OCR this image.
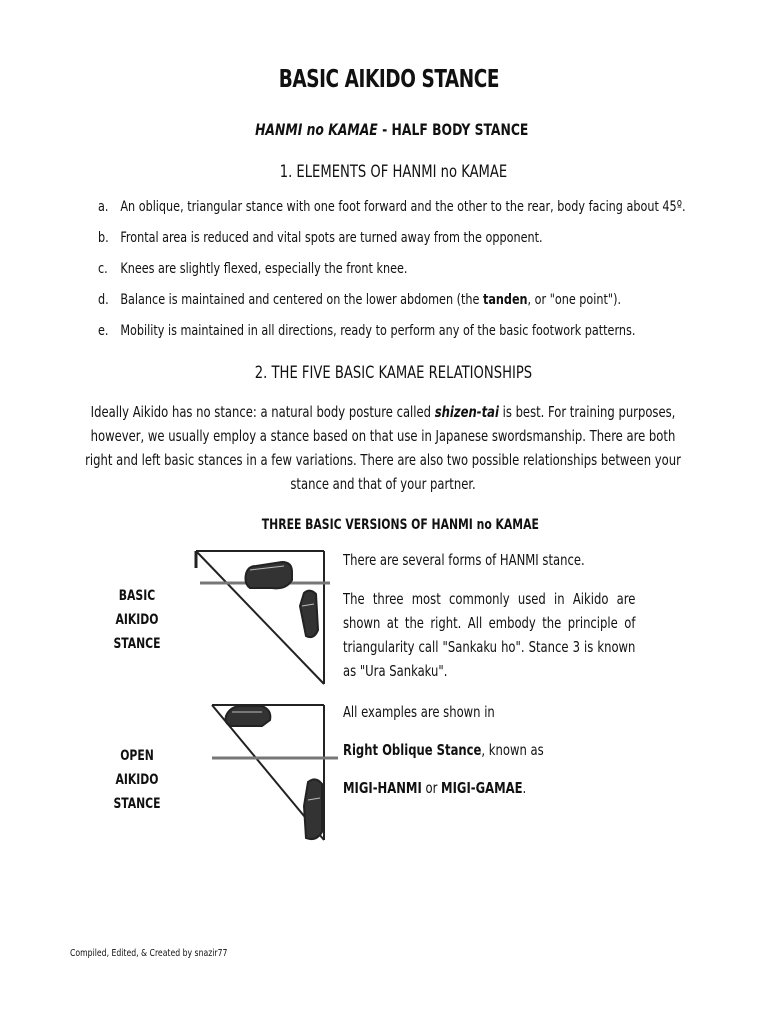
BASIC AIKIDO STANCE
HANMI no KAMAE - HALF BODY STANCE
1. ELEMENTS OF HANMI no KAMAE
a. An oblique, triangular stance with one foot forward and the other to the rear, body facing about 45º.
b. Frontal area is reduced and vital spots are turned away from the opponent.
c. Knees are slightly flexed, especially the front knee.
d. Balance is maintained and centered on the lower abdomen (the tanden, or "one point").
e. Mobility is maintained in all directions, ready to perform any of the basic footwork patterns.
2. THE FIVE BASIC KAMAE RELATIONSHIPS
Ideally Aikido has no stance: a natural body posture called shizen-tai is best. For training purposes, however, we usually employ a stance based on that use in Japanese swordsmanship. There are both right and left basic stances in a few variations. There are also two possible relationships between your stance and that of your partner.
THREE BASIC VERSIONS OF HANMI no KAMAE
BASIC
AIKIDO
STANCE
OPEN
AIKIDO
STANCE

There are several forms of HANMI stance.

The three most commonly used in Aikido are shown at the right. All embody the principle of triangularity call "Sankaku ho". Stance 3 is known as "Ura Sankaku".

All examples are shown in

Right Oblique Stance, known as

MIGI-HANMI or MIGI-GAMAE.

Compiled, Edited, & Created by snazir77
